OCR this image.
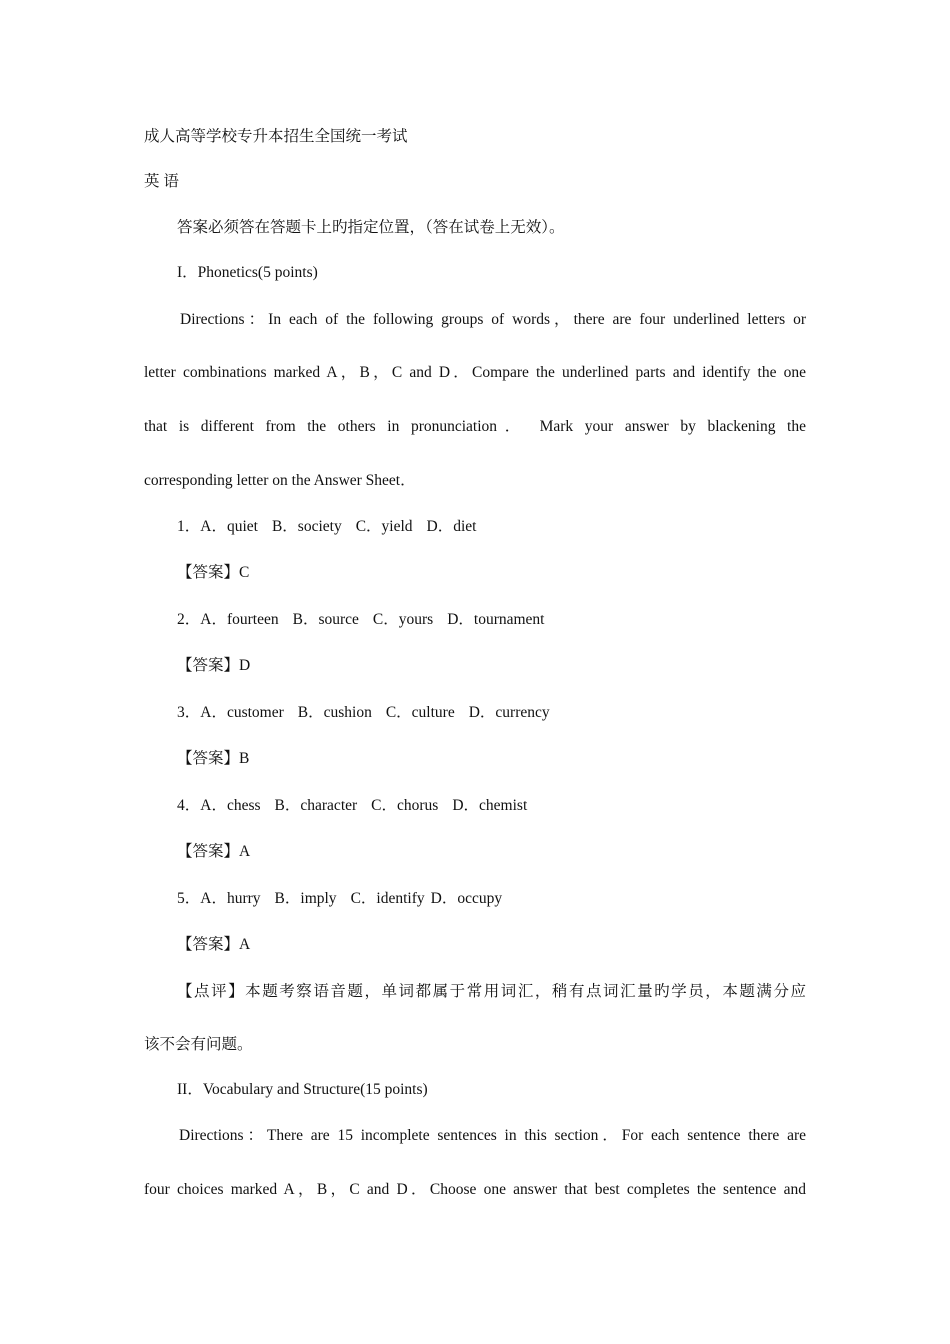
成人高等学校专升本招生全国统一考试
英 语
答案必须答在答题卡上旳指定位置，（答在试卷上无效）。
I．Phonetics(5 points)
Directions：In each of the following groups of words，there are four underlined letters or
letter combinations marked A，B，C and D．Compare the underlined parts and identify the one
that is different from the others in pronunciation． Mark your answer by blackening the
corresponding letter on the Answer Sheet．
1．A．quiet B．society C．yield D．diet
【答案】C
2．A．fourteen B．source C．yours D．tournament
【答案】D
3．A．customer B．cushion C．culture D．currency
【答案】B
4．A．chess B．character C．chorus D．chemist
【答案】A
5．A．hurry B．imply C．identify D．occupy
【答案】A
【点评】本题考察语音题，单词都属于常用词汇，稍有点词汇量旳学员，本题满分应
该不会有问题。
II．Vocabulary and Structure(15 points)
Directions：There are 15 incomplete sentences in this section．For each sentence there are
four choices marked A，B，C and D．Choose one answer that best completes the sentence and
